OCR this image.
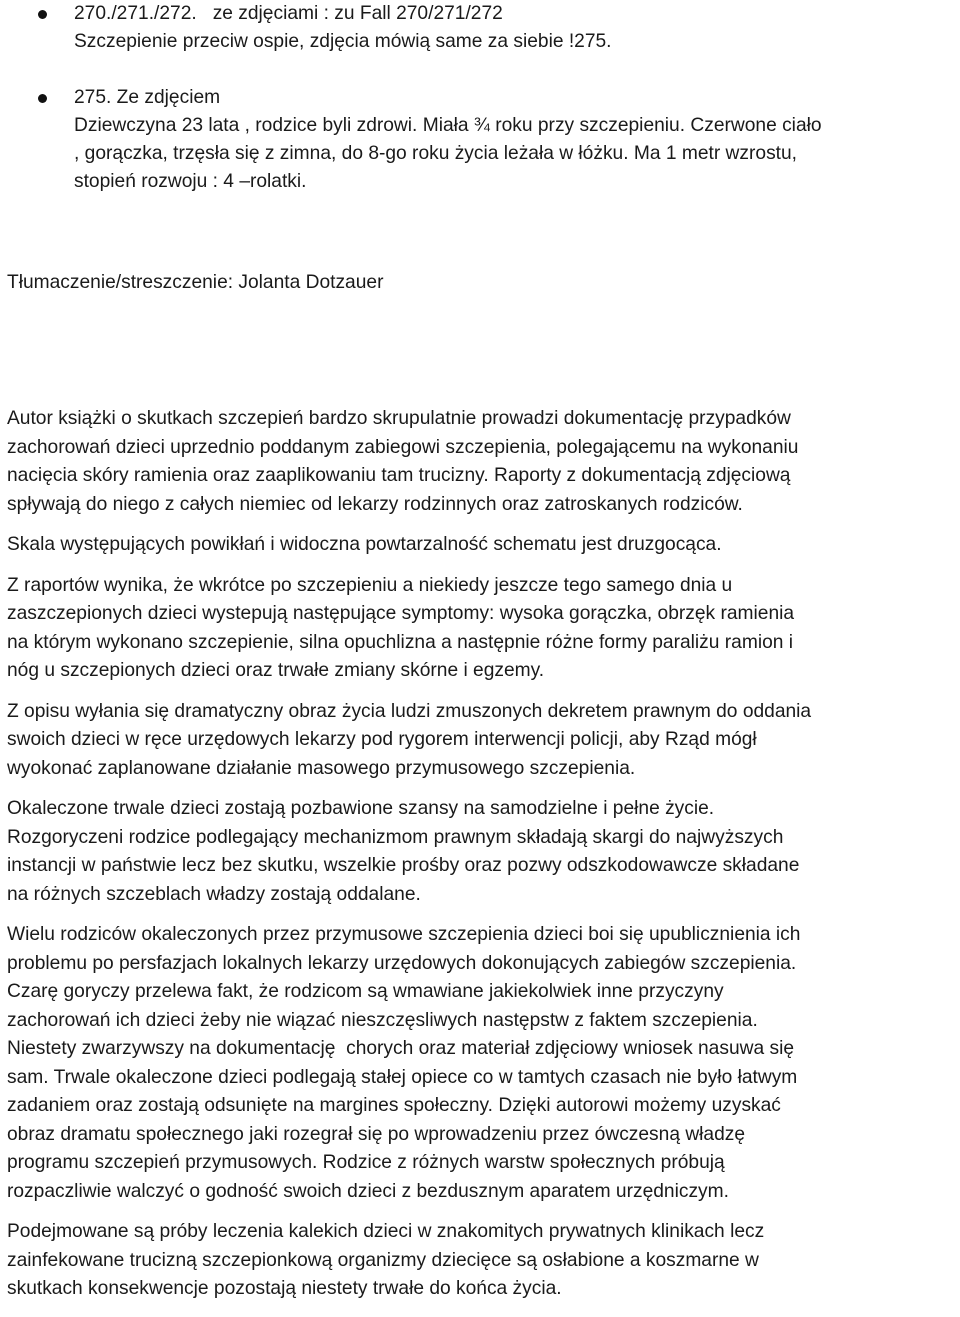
270./271./272.   ze zdjęciami : zu Fall 270/271/272
Szczepienie przeciw ospie, zdjęcia mówią same za siebie !275.
275. Ze zdjęciem
Dziewczyna 23 lata , rodzice byli zdrowi. Miała ¾ roku przy szczepieniu. Czerwone ciało
, gorączka, trzęsła się z zimna, do 8-go roku życia leżała w łóżku. Ma 1 metr wzrostu,
stopień rozwoju : 4 –rolatki.
Tłumaczenie/streszczenie: Jolanta Dotzauer

Autor książki o skutkach szczepień bardzo skrupulatnie prowadzi dokumentację przypadków
zachorowań dzieci uprzednio poddanym zabiegowi szczepienia, polegającemu na wykonaniu
nacięcia skóry ramienia oraz zaaplikowaniu tam trucizny. Raporty z dokumentacją zdjęciową
spływają do niego z całych niemiec od lekarzy rodzinnych oraz zatroskanych rodziców.

Skala występujących powikłań i widoczna powtarzalność schematu jest druzgocąca.

Z raportów wynika, że wkrótce po szczepieniu a niekiedy jeszcze tego samego dnia u
zaszczepionych dzieci wystepują następujące symptomy: wysoka gorączka, obrzęk ramienia
na którym wykonano szczepienie, silna opuchlizna a następnie różne formy paraliżu ramion i
nóg u szczepionych dzieci oraz trwałe zmiany skórne i egzemy.

Z opisu wyłania się dramatyczny obraz życia ludzi zmuszonych dekretem prawnym do oddania
swoich dzieci w ręce urzędowych lekarzy pod rygorem interwencji policji, aby Rząd mógł
wyokonać zaplanowane działanie masowego przymusowego szczepienia.

Okaleczone trwale dzieci zostają pozbawione szansy na samodzielne i pełne życie.
Rozgoryczeni rodzice podlegający mechanizmom prawnym składają skargi do najwyższych
instancji w państwie lecz bez skutku, wszelkie prośby oraz pozwy odszkodowawcze składane
na różnych szczeblach władzy zostają oddalane.

Wielu rodziców okaleczonych przez przymusowe szczepienia dzieci boi się upublicznienia ich
problemu po persfazjach lokalnych lekarzy urzędowych dokonujących zabiegów szczepienia.
Czarę goryczy przelewa fakt, że rodzicom są wmawiane jakiekolwiek inne przyczyny
zachorowań ich dzieci żeby nie wiązać nieszczęsliwych następstw z faktem szczepienia.
Niestety zwarzywszy na dokumentację  chorych oraz materiał zdjęciowy wniosek nasuwa się
sam. Trwale okaleczone dzieci podlegają stałej opiece co w tamtych czasach nie było łatwym
zadaniem oraz zostają odsunięte na margines społeczny. Dzięki autorowi możemy uzyskać
obraz dramatu społecznego jaki rozegrał się po wprowadzeniu przez ówczesną władzę
programu szczepień przymusowych. Rodzice z różnych warstw społecznych próbują
rozpaczliwie walczyć o godność swoich dzieci z bezdusznym aparatem urzędniczym.

Podejmowane są próby leczenia kalekich dzieci w znakomitych prywatnych klinikach lecz
zainfekowane trucizną szczepionkową organizmy dziecięce są osłabione a koszmarne w
skutkach konsekwencje pozostają niestety trwałe do końca życia.
